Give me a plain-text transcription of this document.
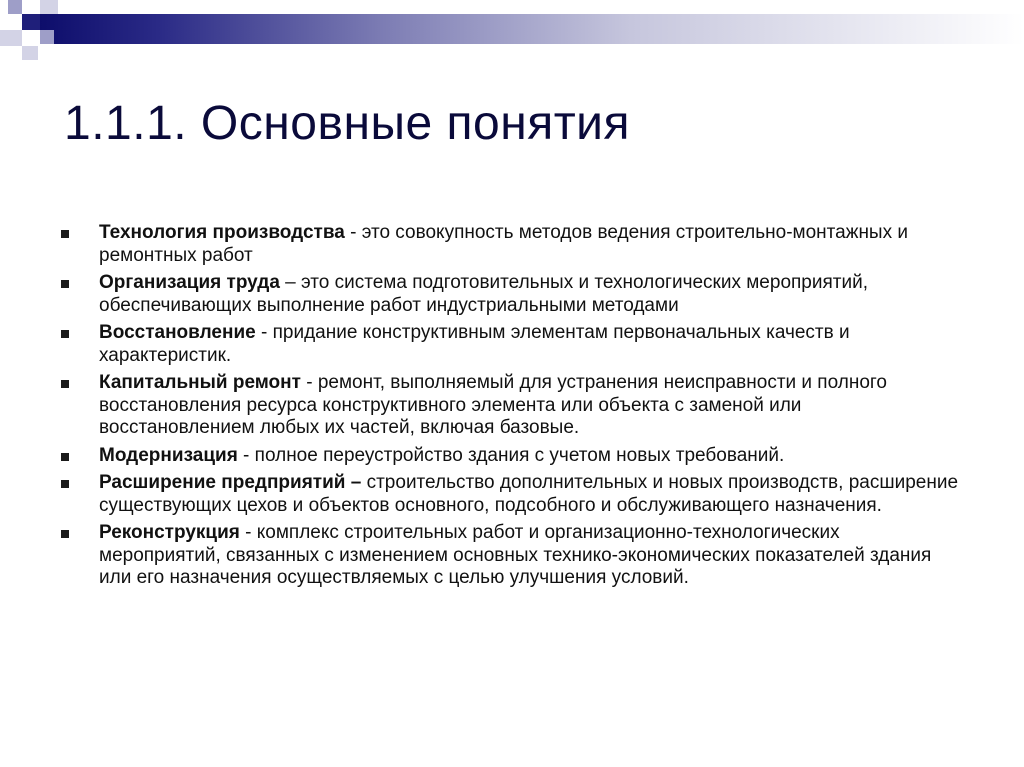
1.1.1. Основные понятия
Технология производства - это совокупность методов ведения строительно-монтажных и ремонтных работ
Организация труда – это система подготовительных и технологических мероприятий, обеспечивающих выполнение работ индустриальными методами
Восстановление - придание конструктивным элементам первоначальных качеств и характеристик.
Капитальный ремонт - ремонт, выполняемый для устранения неисправности и полного восстановления ресурса конструктивного элемента или объекта с заменой или восстановлением любых их частей, включая базовые.
Модернизация - полное переустройство здания с учетом новых требований.
Расширение предприятий – строительство дополнительных и новых производств, расширение существующих цехов и объектов основного, подсобного и обслуживающего назначения.
Реконструкция - комплекс строительных работ и организационно-технологических мероприятий, связанных с изменением основных технико-экономических показателей здания или его назначения осуществляемых с целью улучшения условий.
